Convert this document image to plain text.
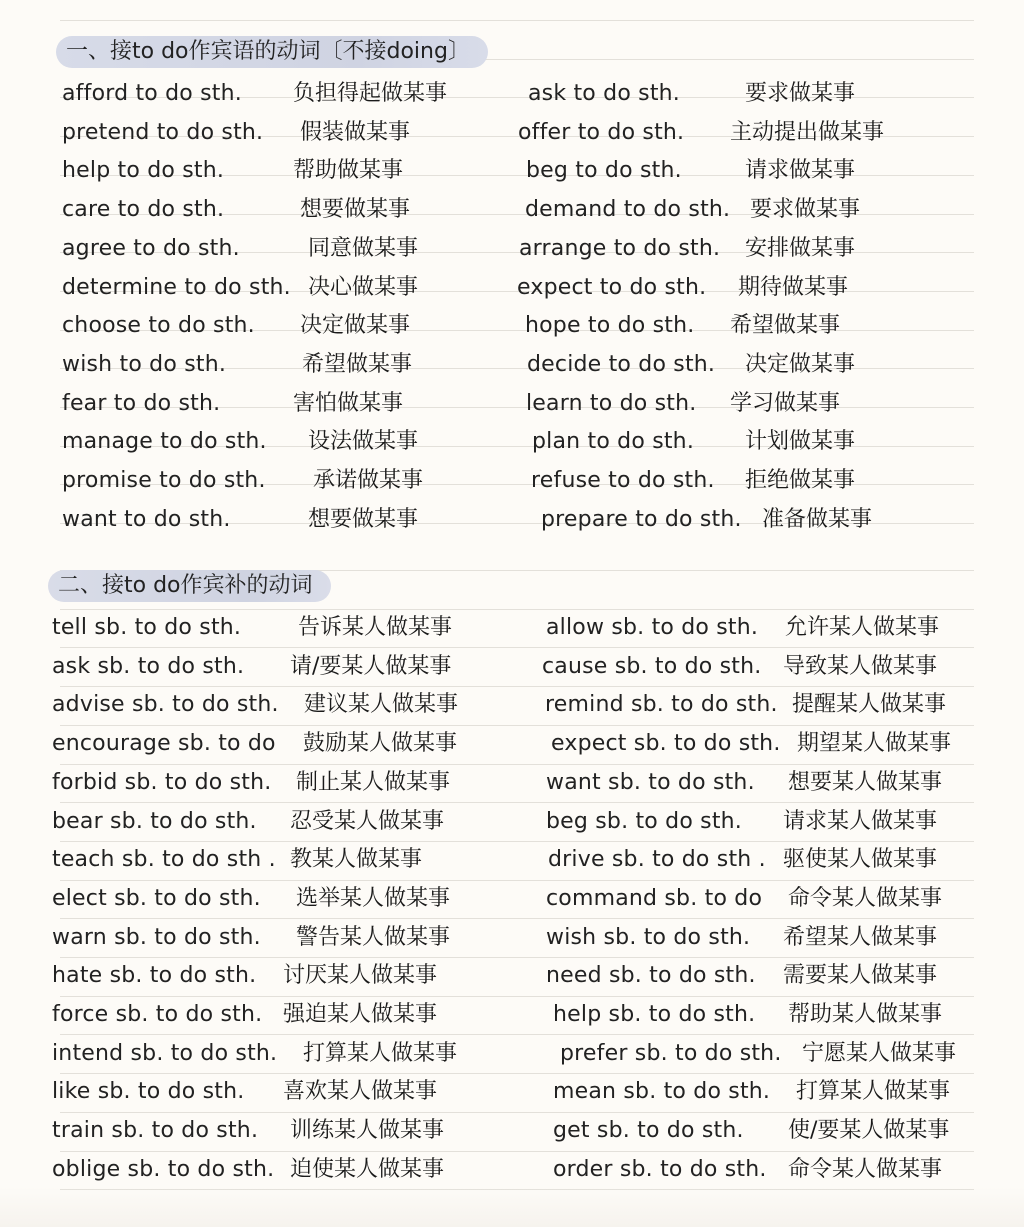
一、接to do作宾语的动词〔不接doing〕
afford to do sth. 负担得起做某事	ask to do sth.	要求做某事
pretend to do sth. 假装做某事	offer to do sth. 主动提出做某事
help to do sth.	帮助做某事	beg to do sth.	请求做某事
care to do sth.	想要做某事	demand to do sth. 要求做某事
agree to do sth.	同意做某事	arrange to do sth. 安排做某事
determine to do sth. 决心做某事	expect to do sth. 期待做某事
choose to do sth. 决定做某事	hope to do sth. 希望做某事
wish to do sth.	希望做某事	decide to do sth. 决定做某事
fear to do sth.	害怕做某事	learn to do sth. 学习做某事
manage to do sth. 设法做某事	plan to do sth. 计划做某事
promise to do sth. 承诺做某事	refuse to do sth. 拒绝做某事
want to do sth.	想要做某事	prepare to do sth. 准备做某事
二、接to do作宾补的动词
tell sb. to do sth.	告诉某人做某事	allow sb. to do sth. 允许某人做某事
ask sb. to do sth. 请/要某人做某事	cause sb. to do sth. 导致某人做某事
advise sb. to do sth. 建议某人做某事	remind sb. to do sth. 提醒某人做某事
encourage sb. to do 鼓励某人做某事	expect sb. to do sth. 期望某人做某事
forbid sb. to do sth. 制止某人做某事	want sb. to do sth. 想要某人做某事
bear sb. to do sth. 忍受某人做某事	beg sb. to do sth. 请求某人做某事
teach sb. to do sth . 教某人做某事	drive sb. to do sth . 驱使某人做某事
elect sb. to do sth. 选举某人做某事	command sb. to do 命令某人做某事
warn sb. to do sth. 警告某人做某事	wish sb. to do sth. 希望某人做某事
hate sb. to do sth. 讨厌某人做某事	need sb. to do sth. 需要某人做某事
force sb. to do sth. 强迫某人做某事	help sb. to do sth. 帮助某人做某事
intend sb. to do sth. 打算某人做某事	prefer sb. to do sth. 宁愿某人做某事
like sb. to do sth. 喜欢某人做某事	mean sb. to do sth. 打算某人做某事
train sb. to do sth. 训练某人做某事	get sb. to do sth. 使/要某人做某事
oblige sb. to do sth. 迫使某人做某事	order sb. to do sth. 命令某人做某事
